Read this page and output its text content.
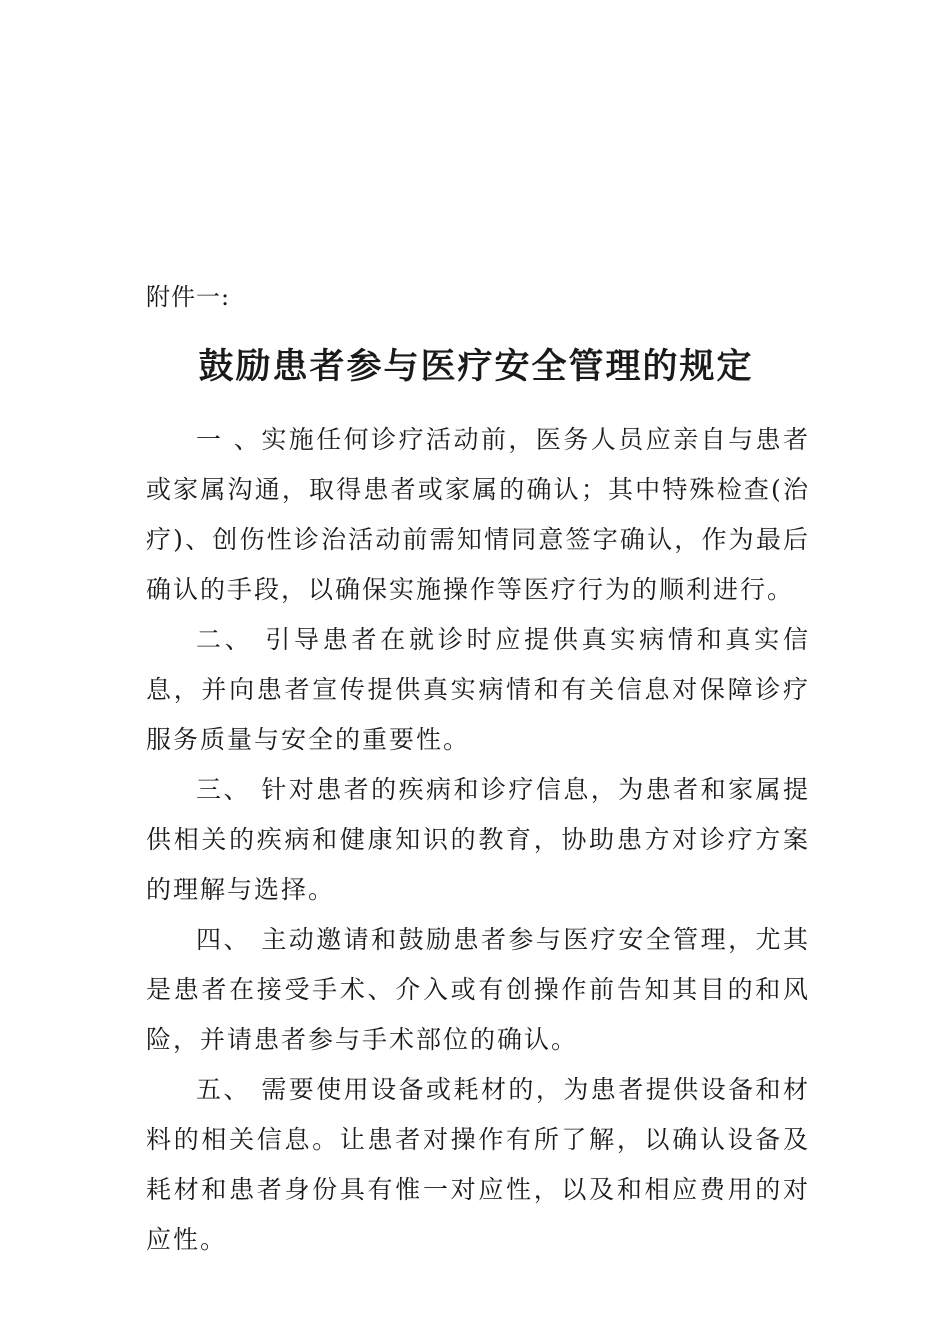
附件一:
鼓励患者参与医疗安全管理的规定

一 、实施任何诊疗活动前，医务人员应亲自与患者或家属沟通，取得患者或家属的确认；其中特殊检查(治疗)、创伤性诊治活动前需知情同意签字确认，作为最后确认的手段，以确保实施操作等医疗行为的顺利进行。

二、 引导患者在就诊时应提供真实病情和真实信息，并向患者宣传提供真实病情和有关信息对保障诊疗服务质量与安全的重要性。

三、 针对患者的疾病和诊疗信息，为患者和家属提供相关的疾病和健康知识的教育，协助患方对诊疗方案的理解与选择。

四、 主动邀请和鼓励患者参与医疗安全管理，尤其是患者在接受手术、介入或有创操作前告知其目的和风险，并请患者参与手术部位的确认。

五、 需要使用设备或耗材的，为患者提供设备和材料的相关信息。让患者对操作有所了解，以确认设备及耗材和患者身份具有惟一对应性，以及和相应费用的对应性。
